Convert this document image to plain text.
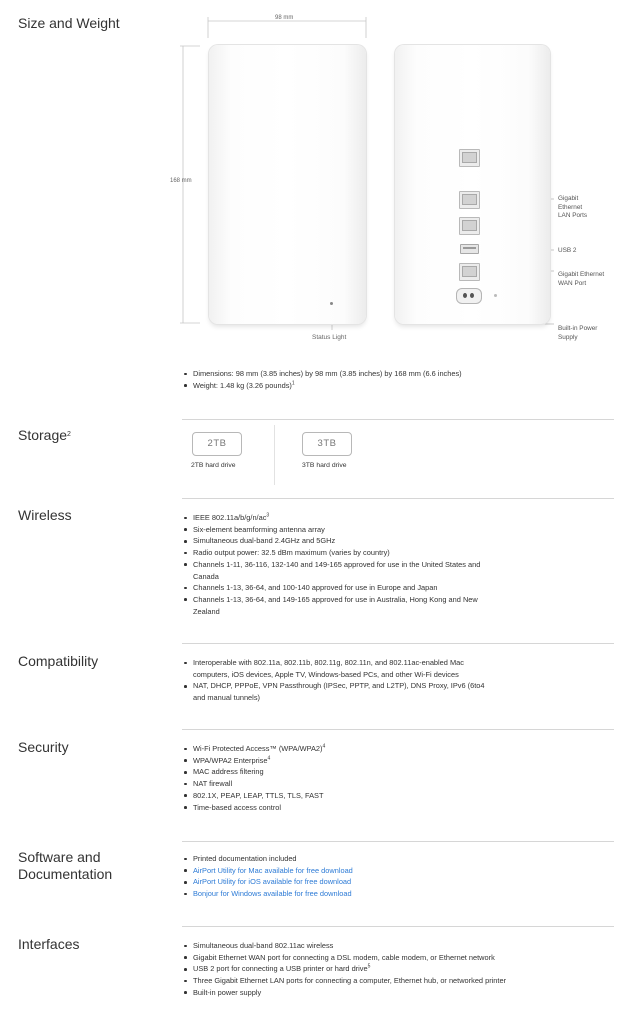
Size and Weight	98 mm
168 mm
Status Light
Gigabit
Ethernet
LAN Ports
USB 2
Gigabit Ethernet
WAN Port
Built-in Power
Supply
Dimensions: 98 mm (3.85 inches) by 98 mm (3.85 inches) by 168 mm (6.6 inches)
Weight: 1.48 kg (3.26 pounds)$^1$
Storage$^2$
2TB
2TB hard drive
3TB
3TB hard drive
Wireless	IEEE $802.11a/b/g/n/ac^3$
Six-element beamforming antenna array
Simultaneous dual-band 2.4GHz and 5GHz
Radio output power: 32.5 dBm maximum (varies by country)
Channels 1-11, 36-116, 132-140 and 149-165 approved for use in the United States and Canada
Channels 1-13, 36-64, and 100-140 approved for use in Europe and Japan
Channels 1-13, 36-64, and 149-165 approved for use in Australia, Hong Kong and New Zealand
Compatibility	Interoperable with 802.11a, 802.11b, 802.11g, 802.11n, and 802.11ac-enabled Mac computers, iOS devices, Apple TV, Windows-based PCs, and other Wi-Fi devices
NAT, DHCP, PPPoE, VPN Passthrough (IPSec, PPTP, and L2TP), DNS Proxy, IPv6 (6to4 and manual tunnels)
Security	Wi-Fi Protected Access™ $(WPA/WPA2)^4$
WPA/WPA2 Enterprise$^4$
MAC address filtering
NAT firewall
802.1X, PEAP, LEAP, TTLS, TLS, FAST
Time-based access control
Software and Documentation
Printed documentation included
AirPort Utility for Mac available for free download
AirPort Utility for iOS available for free download
Bonjour for Windows available for free download
Interfaces	Simultaneous dual-band 802.11ac wireless
Gigabit Ethernet WAN port for connecting a DSL modem, cable modem, or Ethernet network
USB 2 port for connecting a USB printer or hard drive$^5$
Three Gigabit Ethernet LAN ports for connecting a computer, Ethernet hub, or networked printer
Built-in power supply
